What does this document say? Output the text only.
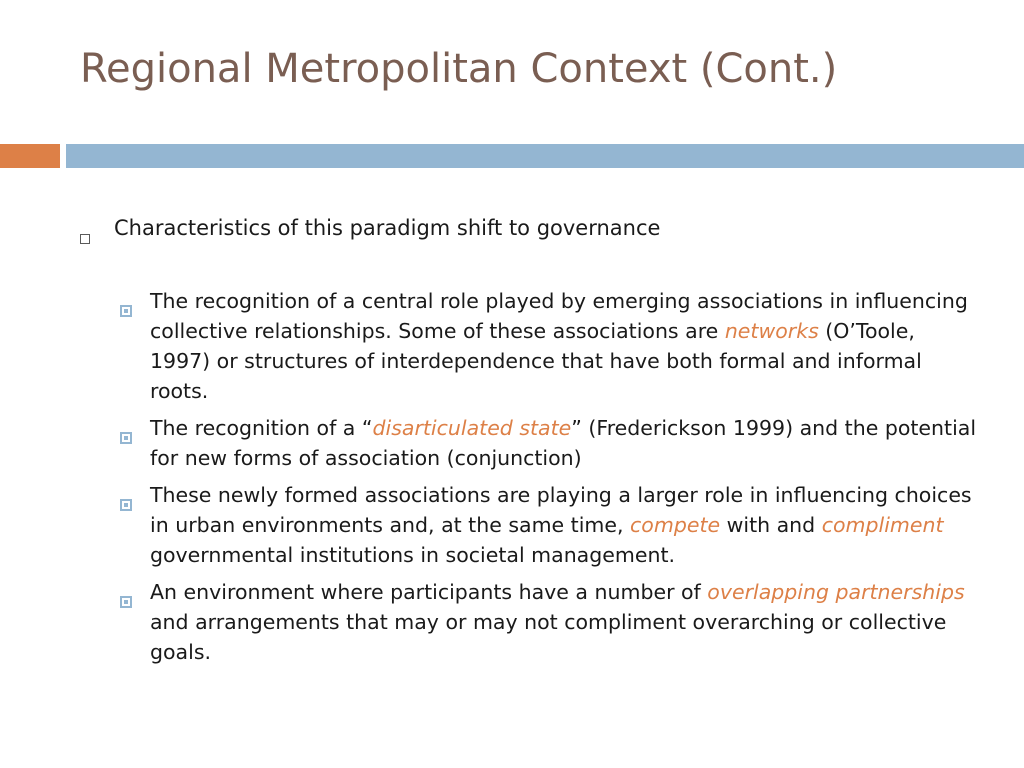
Regional Metropolitan Context (Cont.)
Characteristics of this paradigm shift to governance
The recognition of a central role played by emerging associations in influencing collective relationships. Some of these associations are networks (O’Toole, 1997) or structures of interdependence that have both formal and informal roots.
The recognition of a “disarticulated state” (Frederickson 1999) and the potential for new forms of association (conjunction)
These newly formed associations are playing a larger role in influencing choices in urban environments and, at the same time, compete with and compliment governmental institutions in societal management.
An environment where participants have a number of overlapping partnerships and arrangements that may or may not compliment overarching or collective goals.
